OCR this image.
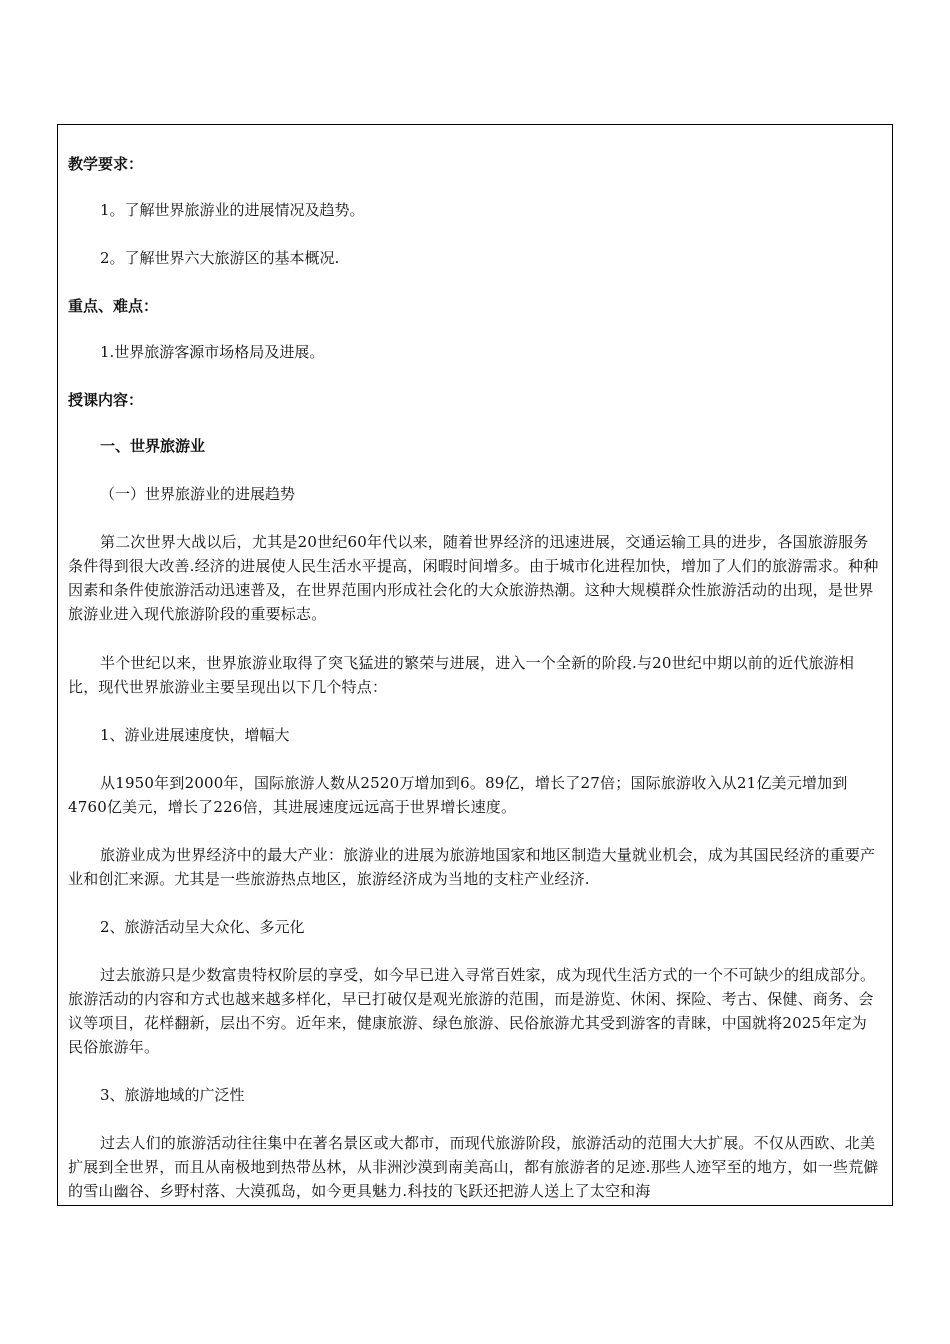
教学要求：

1。了解世界旅游业的进展情况及趋势。

2。了解世界六大旅游区的基本概况.

重点、难点：

1.世界旅游客源市场格局及进展。

授课内容：

一、世界旅游业

（一）世界旅游业的进展趋势

第二次世界大战以后，尤其是20世纪60年代以来，随着世界经济的迅速进展，交通运输工具的进步，各国旅游服务条件得到很大改善.经济的进展使人民生活水平提高，闲暇时间增多。由于城市化进程加快，增加了人们的旅游需求。种种因素和条件使旅游活动迅速普及，在世界范围内形成社会化的大众旅游热潮。这种大规模群众性旅游活动的出现，是世界旅游业进入现代旅游阶段的重要标志。

半个世纪以来，世界旅游业取得了突飞猛进的繁荣与进展，进入一个全新的阶段.与20世纪中期以前的近代旅游相比，现代世界旅游业主要呈现出以下几个特点：

1、游业进展速度快，增幅大

从1950年到2000年，国际旅游人数从2520万增加到6。89亿，增长了27倍；国际旅游收入从21亿美元增加到4760亿美元，增长了226倍，其进展速度远远高于世界增长速度。

旅游业成为世界经济中的最大产业：旅游业的进展为旅游地国家和地区制造大量就业机会，成为其国民经济的重要产业和创汇来源。尤其是一些旅游热点地区，旅游经济成为当地的支柱产业经济.

2、旅游活动呈大众化、多元化

过去旅游只是少数富贵特权阶层的享受，如今早已进入寻常百姓家，成为现代生活方式的一个不可缺少的组成部分。旅游活动的内容和方式也越来越多样化，早已打破仅是观光旅游的范围，而是游览、休闲、探险、考古、保健、商务、会议等项目，花样翻新，层出不穷。近年来，健康旅游、绿色旅游、民俗旅游尤其受到游客的青睐，中国就将2025年定为民俗旅游年。

3、旅游地域的广泛性

过去人们的旅游活动往往集中在著名景区或大都市，而现代旅游阶段，旅游活动的范围大大扩展。不仅从西欧、北美扩展到全世界，而且从南极地到热带丛林，从非洲沙漠到南美高山，都有旅游者的足迹.那些人迹罕至的地方，如一些荒僻的雪山幽谷、乡野村落、大漠孤岛，如今更具魅力.科技的飞跃还把游人送上了太空和海
